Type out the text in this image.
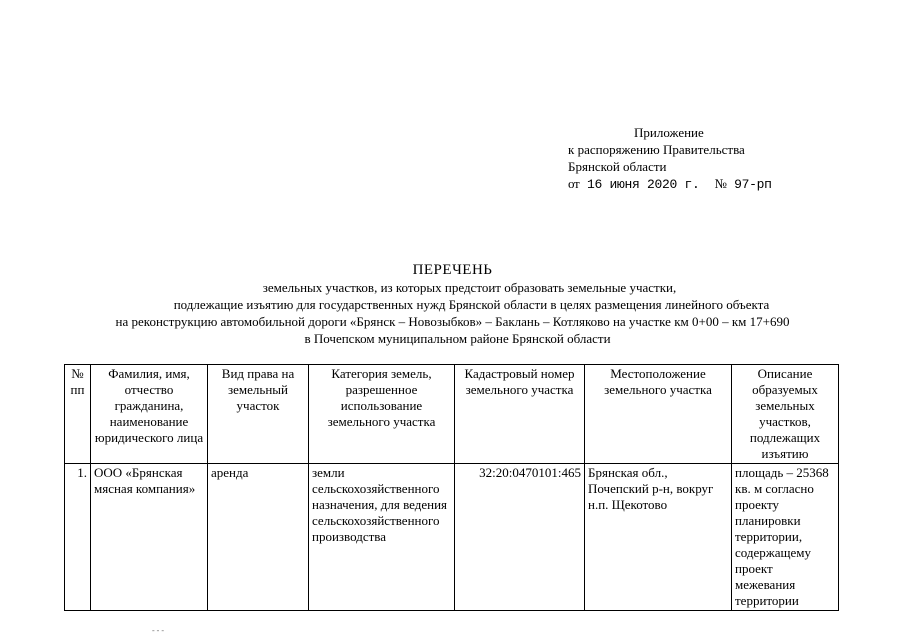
Приложение
к распоряжению Правительства
Брянской области
от 16 июня 2020 г. № 97-рп
ПЕРЕЧЕНЬ
земельных участков, из которых предстоит образовать земельные участки,
подлежащие изъятию для государственных нужд Брянской области в целях размещения линейного объекта
на реконструкцию автомобильной дороги «Брянск – Новозыбков» – Баклань – Котляково на участке км 0+00 – км 17+690
в Почепском муниципальном районе Брянской области
№ пп	Фамилия, имя, отчество гражданина, наименование юридического лица	Вид права на земельный участок	Категория земель, разрешенное использование земельного участка	Кадастровый номер земельного участка	Местоположение земельного участка	Описание образуемых земельных участков, подлежащих изъятию
1.	ООО «Брянская мясная компания»	аренда	земли сельскохозяйственного назначения, для ведения сельскохозяйственного производства	32:20:0470101:465	Брянская обл., Почепский р-н, вокруг н.п. Щекотово	площадь – 25368 кв. м согласно проекту планировки территории, содержащему проект межевания территории
- - -
